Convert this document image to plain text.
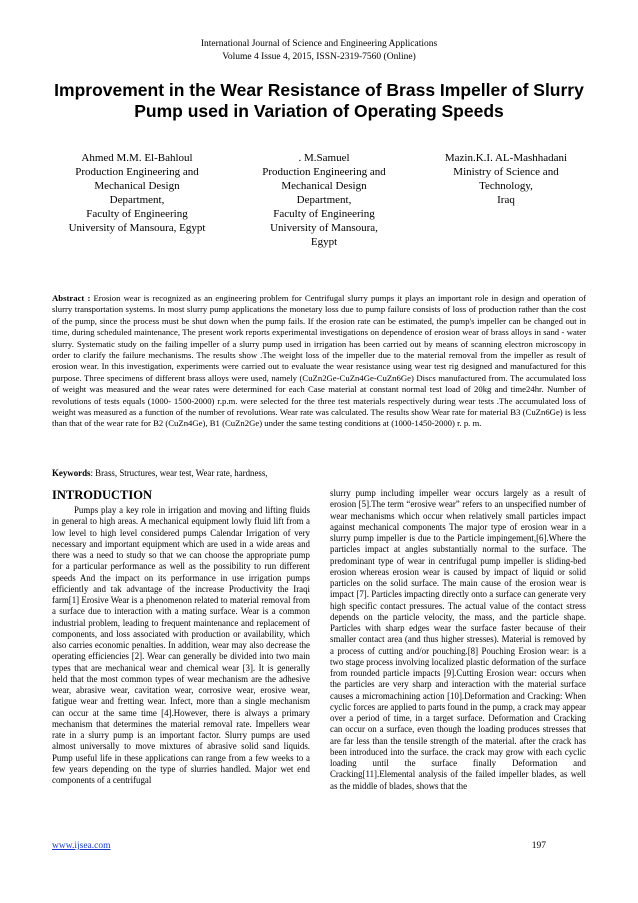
International Journal of Science and Engineering Applications
Volume 4 Issue 4, 2015, ISSN-2319-7560 (Online)
Improvement in the Wear Resistance of Brass Impeller of Slurry Pump used in Variation of Operating Speeds
Ahmed M.M. El-Bahloul
Production Engineering and
Mechanical Design
Department,
Faculty of Engineering
University of Mansoura, Egypt
. M.Samuel
Production Engineering and
Mechanical Design
Department,
Faculty of Engineering
University of Mansoura,
Egypt
Mazin.K.I. AL-Mashhadani
Ministry of Science and
Technology,
Iraq
Abstract : Erosion wear is recognized as an engineering problem for Centrifugal slurry pumps it plays an important role in design and operation of slurry transportation systems. In most slurry pump applications the monetary loss due to pump failure consists of loss of production rather than the cost of the pump, since the process must be shut down when the pump fails. If the erosion rate can be estimated, the pump's impeller can be changed out in time, during scheduled maintenance, The present work reports experimental investigations on dependence of erosion wear of brass alloys in sand - water slurry. Systematic study on the failing impeller of a slurry pump used in irrigation has been carried out by means of scanning electron microscopy in order to clarify the failure mechanisms. The results show .The weight loss of the impeller due to the material removal from the impeller as result of erosion wear. In this investigation, experiments were carried out to evaluate the wear resistance using wear test rig designed and manufactured for this purpose. Three specimens of different brass alloys were used, namely (CuZn2Ge-CuZn4Ge-CuZn6Ge) Discs manufactured from. The accumulated loss of weight was measured and the wear rates were determined for each Case material at constant normal test load of 20kg and time24hr. Number of revolutions of tests equals (1000- 1500-2000) r.p.m. were selected for the three test materials respectively during wear tests .The accumulated loss of weight was measured as a function of the number of revolutions. Wear rate was calculated. The results show Wear rate for material B3 (CuZn6Ge) is less than that of the wear rate for B2 (CuZn4Ge), B1 (CuZn2Ge) under the same testing conditions at (1000-1450-2000) r. p. m.
Keywords: Brass, Structures, wear test, Wear rate, hardness,
INTRODUCTION

Pumps play a key role in irrigation and moving and lifting fluids in general to high areas. A mechanical equipment lowly fluid lift from a low level to high level considered pumps Calendar Irrigation of very necessary and important equipment which are used in a wide areas and there was a need to study so that we can choose the appropriate pump for a particular performance as well as the possibility to run different speeds And the impact on its performance in use irrigation pumps efficiently and tak advantage of the increase Productivity the Iraqi farm[1] Erosive Wear is a phenomenon related to material removal from a surface due to interaction with a mating surface. Wear is a common industrial problem, leading to frequent maintenance and replacement of components, and loss associated with production or availability, which also carries economic penalties. In addition, wear may also decrease the operating efficiencies [2]. Wear can generally be divided into two main types that are mechanical wear and chemical wear [3]. It is generally held that the most common types of wear mechanism are the adhesive wear, abrasive wear, cavitation wear, corrosive wear, erosive wear, fatigue wear and fretting wear. Infect, more than a single mechanism can occur at the same time [4].However, there is always a primary mechanism that determines the material removal rate. Impellers wear rate in a slurry pump is an important factor. Slurry pumps are used almost universally to move mixtures of abrasive solid sand liquids. Pump useful life in these applications can range from a few weeks to a few years depending on the type of slurries handled. Major wet end components of a centrifugal

slurry pump including impeller wear occurs largely as a result of erosion [5].The term “erosive wear” refers to an unspecified number of wear mechanisms which occur when relatively small particles impact against mechanical components The major type of erosion wear in a slurry pump impeller is due to the Particle impingement,[6].Where the particles impact at angles substantially normal to the surface. The predominant type of wear in centrifugal pump impeller is sliding-bed erosion whereas erosion wear is caused by impact of liquid or solid particles on the solid surface. The main cause of the erosion wear is impact [7]. Particles impacting directly onto a surface can generate very high specific contact pressures. The actual value of the contact stress depends on the particle velocity, the mass, and the particle shape. Particles with sharp edges wear the surface faster because of their smaller contact area (and thus higher stresses). Material is removed by a process of cutting and/or pouching.[8] Pouching Erosion wear: is a two stage process involving localized plastic deformation of the surface from rounded particle impacts [9].Cutting Erosion wear: occurs when the particles are very sharp and interaction with the material surface causes a micromachining action [10].Deformation and Cracking: When cyclic forces are applied to parts found in the pump, a crack may appear over a period of time, in a target surface. Deformation and Cracking can occur on a surface, even though the loading produces stresses that are far less than the tensile strength of the material. after the crack has been introduced into the surface. the crack may grow with each cyclic loading until the surface finally Deformation and Cracking[11].Elemental analysis of the failed impeller blades, as well as the middle of blades, shows that the

www.ijsea.com	197
